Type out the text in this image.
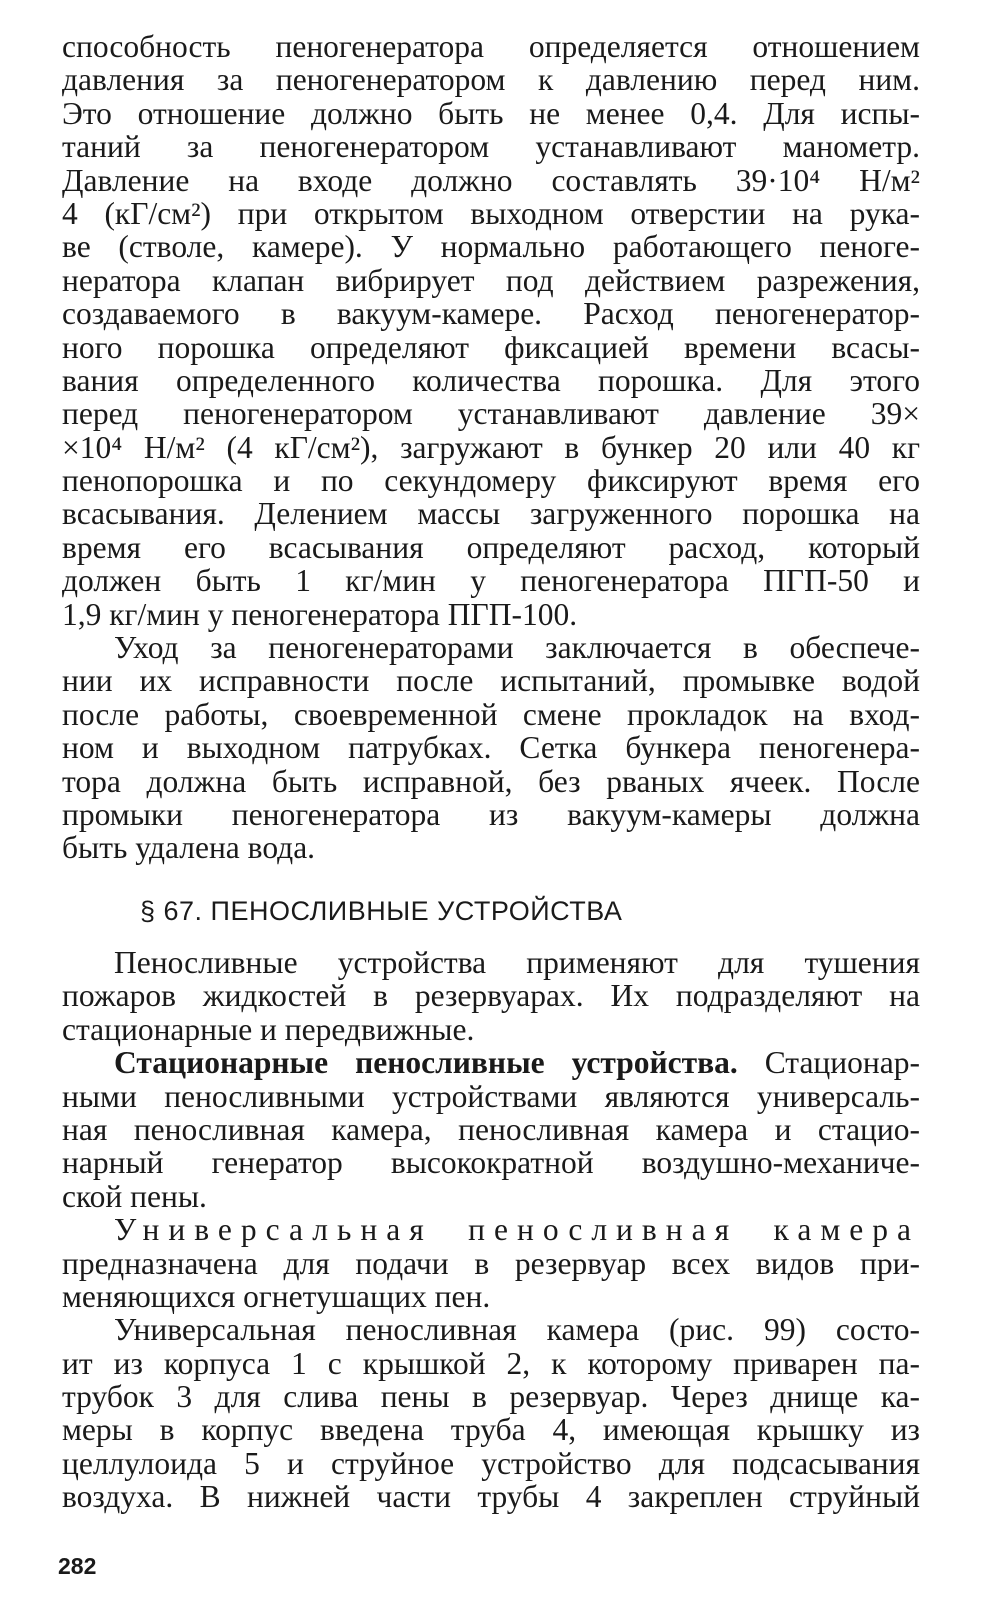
способность пеногенератора определяется отношением
давления за пеногенератором к давлению перед ним.
Это отношение должно быть не менее 0,4. Для испы-
таний за пеногенератором устанавливают манометр.
Давление на входе должно составлять 39·10⁴ Н/м²
4 (кГ/см²) при открытом выходном отверстии на рука-
ве (стволе, камере). У нормально работающего пеноге-
нератора клапан вибрирует под действием разрежения,
создаваемого в вакуум-камере. Расход пеногенератор-
ного порошка определяют фиксацией времени всасы-
вания определенного количества порошка. Для этого
перед пеногенератором устанавливают давление 39×
×10⁴ Н/м² (4 кГ/см²), загружают в бункер 20 или 40 кг
пенопорошка и по секундомеру фиксируют время его
всасывания. Делением массы загруженного порошка на
время его всасывания определяют расход, который
должен быть 1 кг/мин у пеногенератора ПГП-50 и
1,9 кг/мин у пеногенератора ПГП-100.
Уход за пеногенераторами заключается в обеспече-
нии их исправности после испытаний, промывке водой
после работы, своевременной смене прокладок на вход-
ном и выходном патрубках. Сетка бункера пеногенера-
тора должна быть исправной, без рваных ячеек. После
промыки пеногенератора из вакуум-камеры должна
быть удалена вода.
§ 67. ПЕНОСЛИВНЫЕ УСТРОЙСТВА
Пеносливные устройства применяют для тушения
пожаров жидкостей в резервуарах. Их подразделяют на
стационарные и передвижные.
Стационарные пеносливные устройства. Стационар-
ными пеносливными устройствами являются универсаль-
ная пеносливная камера, пеносливная камера и стацио-
нарный генератор высокократной воздушно-механиче-
ской пены.
Универсальная пеносливная камера
предназначена для подачи в резервуар всех видов при-
меняющихся огнетушащих пен.
Универсальная пеносливная камера (рис. 99) состо-
ит из корпуса 1 с крышкой 2, к которому приварен па-
трубок 3 для слива пены в резервуар. Через днище ка-
меры в корпус введена труба 4, имеющая крышку из
целлулоида 5 и струйное устройство для подсасывания
воздуха. В нижней части трубы 4 закреплен струйный
282
